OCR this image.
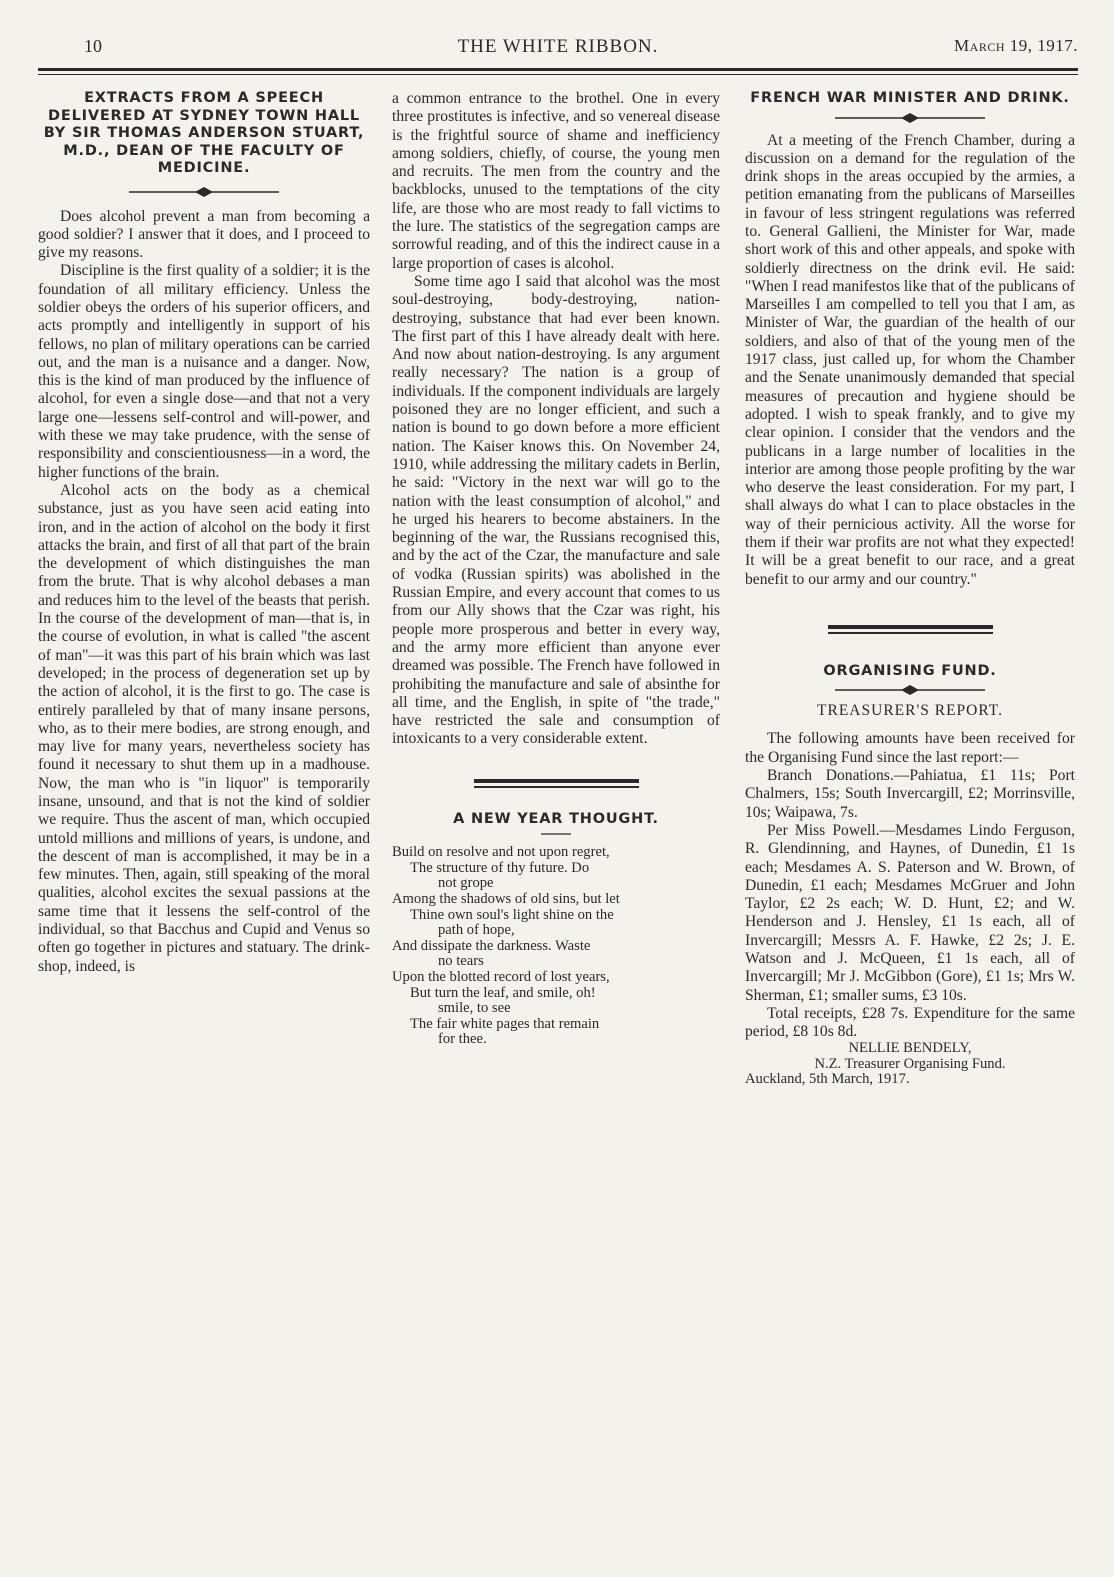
10	THE WHITE RIBBON.	March 19, 1917.
EXTRACTS FROM A SPEECH DELIVERED AT SYDNEY TOWN HALL BY SIR THOMAS ANDERSON STUART, M.D., DEAN OF THE FACULTY OF MEDICINE.

Does alcohol prevent a man from becoming a good soldier? I answer that it does, and I proceed to give my reasons.

Discipline is the first quality of a soldier; it is the foundation of all military efficiency. Unless the soldier obeys the orders of his superior officers, and acts promptly and intelligently in support of his fellows, no plan of military operations can be carried out, and the man is a nuisance and a danger. Now, this is the kind of man produced by the influence of alcohol, for even a single dose—and that not a very large one—lessens self-control and will-power, and with these we may take prudence, with the sense of responsibility and conscientiousness—in a word, the higher functions of the brain.

Alcohol acts on the body as a chemical substance, just as you have seen acid eating into iron, and in the action of alcohol on the body it first attacks the brain, and first of all that part of the brain the development of which distinguishes the man from the brute. That is why alcohol debases a man and reduces him to the level of the beasts that perish. In the course of the development of man—that is, in the course of evolution, in what is called "the ascent of man"—it was this part of his brain which was last developed; in the process of degeneration set up by the action of alcohol, it is the first to go. The case is entirely paralleled by that of many insane persons, who, as to their mere bodies, are strong enough, and may live for many years, nevertheless society has found it necessary to shut them up in a madhouse. Now, the man who is "in liquor" is temporarily insane, unsound, and that is not the kind of soldier we require. Thus the ascent of man, which occupied untold millions and millions of years, is undone, and the descent of man is accomplished, it may be in a few minutes. Then, again, still speaking of the moral qualities, alcohol excites the sexual passions at the same time that it lessens the self-control of the individual, so that Bacchus and Cupid and Venus so often go together in pictures and statuary. The drink-shop, indeed, is

a common entrance to the brothel. One in every three prostitutes is infective, and so venereal disease is the frightful source of shame and inefficiency among soldiers, chiefly, of course, the young men and recruits. The men from the country and the backblocks, unused to the temptations of the city life, are those who are most ready to fall victims to the lure. The statistics of the segregation camps are sorrowful reading, and of this the indirect cause in a large proportion of cases is alcohol.

Some time ago I said that alcohol was the most soul-destroying, body-destroying, nation-destroying, substance that had ever been known. The first part of this I have already dealt with here. And now about nation-destroying. Is any argument really necessary? The nation is a group of individuals. If the component individuals are largely poisoned they are no longer efficient, and such a nation is bound to go down before a more efficient nation. The Kaiser knows this. On November 24, 1910, while addressing the military cadets in Berlin, he said: "Victory in the next war will go to the nation with the least consumption of alcohol," and he urged his hearers to become abstainers. In the beginning of the war, the Russians recognised this, and by the act of the Czar, the manufacture and sale of vodka (Russian spirits) was abolished in the Russian Empire, and every account that comes to us from our Ally shows that the Czar was right, his people more prosperous and better in every way, and the army more efficient than anyone ever dreamed was possible. The French have followed in prohibiting the manufacture and sale of absinthe for all time, and the English, in spite of "the trade," have restricted the sale and consumption of intoxicants to a very considerable extent.

A NEW YEAR THOUGHT.
Build on resolve and not upon regret,
The structure of thy future. Do
not grope
Among the shadows of old sins, but let
Thine own soul's light shine on the
path of hope,
And dissipate the darkness. Waste
no tears
Upon the blotted record of lost years,
But turn the leaf, and smile, oh!
smile, to see
The fair white pages that remain
for thee.
FRENCH WAR MINISTER AND DRINK.

At a meeting of the French Chamber, during a discussion on a demand for the regulation of the drink shops in the areas occupied by the armies, a petition emanating from the publicans of Marseilles in favour of less stringent regulations was referred to. General Gallieni, the Minister for War, made short work of this and other appeals, and spoke with soldierly directness on the drink evil. He said: "When I read manifestos like that of the publicans of Marseilles I am compelled to tell you that I am, as Minister of War, the guardian of the health of our soldiers, and also of that of the young men of the 1917 class, just called up, for whom the Chamber and the Senate unanimously demanded that special measures of precaution and hygiene should be adopted. I wish to speak frankly, and to give my clear opinion. I consider that the vendors and the publicans in a large number of localities in the interior are among those people profiting by the war who deserve the least consideration. For my part, I shall always do what I can to place obstacles in the way of their pernicious activity. All the worse for them if their war profits are not what they expected! It will be a great benefit to our race, and a great benefit to our army and our country."

ORGANISING FUND.
TREASURER'S REPORT.

The following amounts have been received for the Organising Fund since the last report:—

Branch Donations.—Pahiatua, £1 11s; Port Chalmers, 15s; South Invercargill, £2; Morrinsville, 10s; Waipawa, 7s.

Per Miss Powell.—Mesdames Lindo Ferguson, R. Glendinning, and Haynes, of Dunedin, £1 1s each; Mesdames A. S. Paterson and W. Brown, of Dunedin, £1 each; Mesdames McGruer and John Taylor, £2 2s each; W. D. Hunt, £2; and W. Henderson and J. Hensley, £1 1s each, all of Invercargill; Messrs A. F. Hawke, £2 2s; J. E. Watson and J. McQueen, £1 1s each, all of Invercargill; Mr J. McGibbon (Gore), £1 1s; Mrs W. Sherman, £1; smaller sums, £3 10s.

Total receipts, £28 7s. Expenditure for the same period, £8 10s 8d.

NELLIE BENDELY,
N.Z. Treasurer Organising Fund.
Auckland, 5th March, 1917.
